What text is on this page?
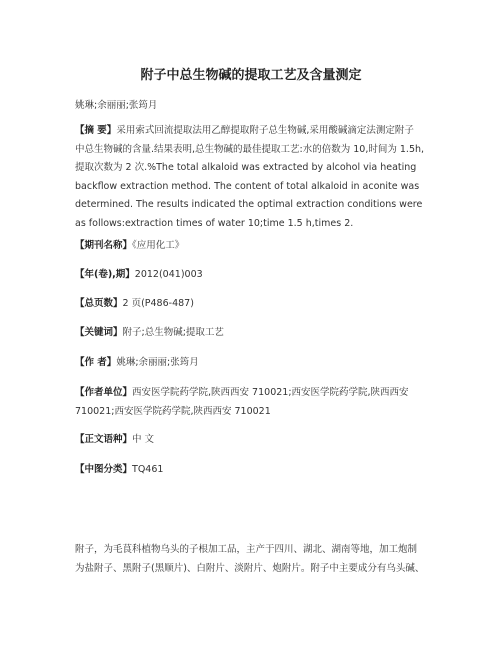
附子中总生物碱的提取工艺及含量测定
姚琳;余丽丽;张筠月
【摘 要】采用索式回流提取法用乙醇提取附子总生物碱,采用酸碱滴定法测定附子
中总生物碱的含量.结果表明,总生物碱的最佳提取工艺:水的倍数为 10,时间为 1.5h,
提取次数为 2 次.%The total alkaloid was extracted by alcohol via heating
backflow extraction method. The content of total alkaloid in aconite was
determined. The results indicated the optimal extraction conditions were
as follows:extraction times of water 10;time 1.5 h,times 2.
【期刊名称】《应用化工》
【年(卷),期】2012(041)003
【总页数】2 页(P486-487)
【关键词】附子;总生物碱;提取工艺
【作 者】姚琳;余丽丽;张筠月
【作者单位】西安医学院药学院,陕西西安 710021;西安医学院药学院,陕西西安
710021;西安医学院药学院,陕西西安 710021
【正文语种】中 文
【中图分类】TQ461
附子，为毛茛科植物乌头的子根加工品，主产于四川、湖北、湖南等地，加工炮制
为盐附子、黑附子(黑顺片)、白附片、淡附片、炮附片。附子中主要成分有乌头碱、
